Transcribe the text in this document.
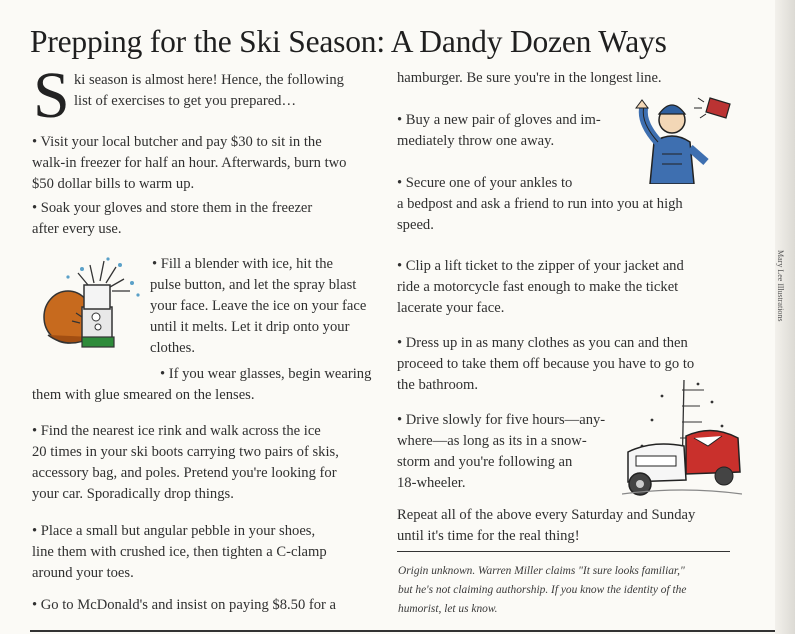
Prepping for the Ski Season: A Dandy Dozen Ways
S ki season is almost here! Hence, the following

list of exercises to get you prepared…

• Visit your local butcher and pay $30 to sit in the

walk-in freezer for half an hour. Afterwards, burn two

$50 dollar bills to warm up.

• Soak your gloves and store them in the freezer

after every use.

• Fill a blender with ice, hit the

pulse button, and let the spray blast

your face. Leave the ice on your face

until it melts. Let it drip onto your

clothes.

• If you wear glasses, begin wearing

them with glue smeared on the lenses.

• Find the nearest ice rink and walk across the ice

20 times in your ski boots carrying two pairs of skis,

accessory bag, and poles. Pretend you're looking for

your car. Sporadically drop things.

• Place a small but angular pebble in your shoes,

line them with crushed ice, then tighten a C-clamp

around your toes.

• Go to McDonald's and insist on paying $8.50 for a

hamburger. Be sure you're in the longest line.

• Buy a new pair of gloves and im-

mediately throw one away.

• Secure one of your ankles to

a bedpost and ask a friend to run into you at high

speed.

• Clip a lift ticket to the zipper of your jacket and

ride a motorcycle fast enough to make the ticket

lacerate your face.

• Dress up in as many clothes as you can and then

proceed to take them off because you have to go to

the bathroom.

• Drive slowly for five hours—any-

where—as long as its in a snow-

storm and you're following an

18-wheeler.

Repeat all of the above every Saturday and Sunday

until it's time for the real thing!

Origin unknown. Warren Miller claims "It sure looks familiar,"
but he's not claiming authorship. If you know the identity of the
humorist, let us know.
Mary Lee Illustrations
